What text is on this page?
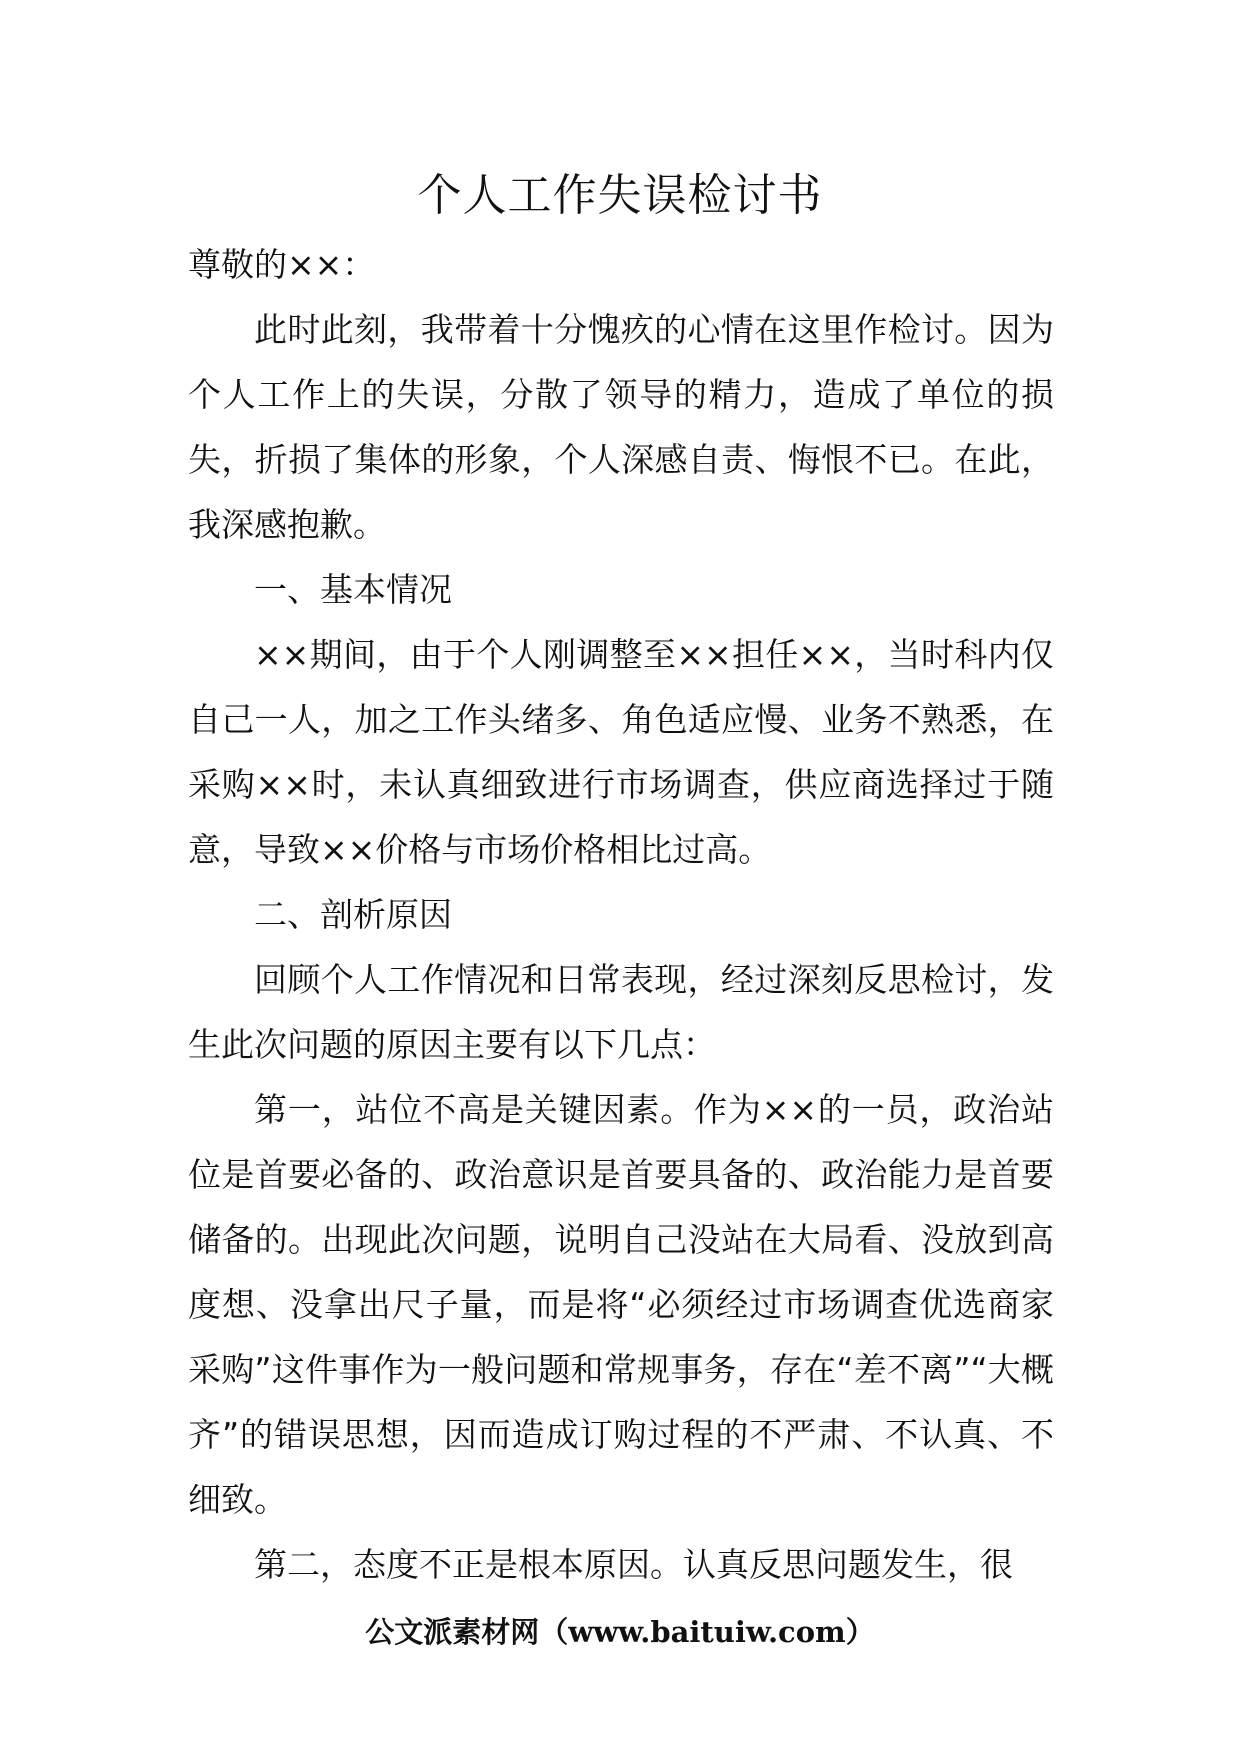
个人工作失误检讨书

尊敬的××：

此时此刻，我带着十分愧疚的心情在这里作检讨。因为个人工作上的失误，分散了领导的精力，造成了单位的损失，折损了集体的形象，个人深感自责、悔恨不已。在此，我深感抱歉。

一、基本情况

××期间，由于个人刚调整至××担任××，当时科内仅自己一人，加之工作头绪多、角色适应慢、业务不熟悉，在采购××时，未认真细致进行市场调查，供应商选择过于随意，导致××价格与市场价格相比过高。

二、剖析原因

回顾个人工作情况和日常表现，经过深刻反思检讨，发生此次问题的原因主要有以下几点：

第一，站位不高是关键因素。作为××的一员，政治站位是首要必备的、政治意识是首要具备的、政治能力是首要储备的。出现此次问题，说明自己没站在大局看、没放到高度想、没拿出尺子量，而是将“必须经过市场调查优选商家采购”这件事作为一般问题和常规事务，存在“差不离”“大概齐”的错误思想，因而造成订购过程的不严肃、不认真、不细致。

第二，态度不正是根本原因。认真反思问题发生，很

公文派素材网（www.baituiw.com）
